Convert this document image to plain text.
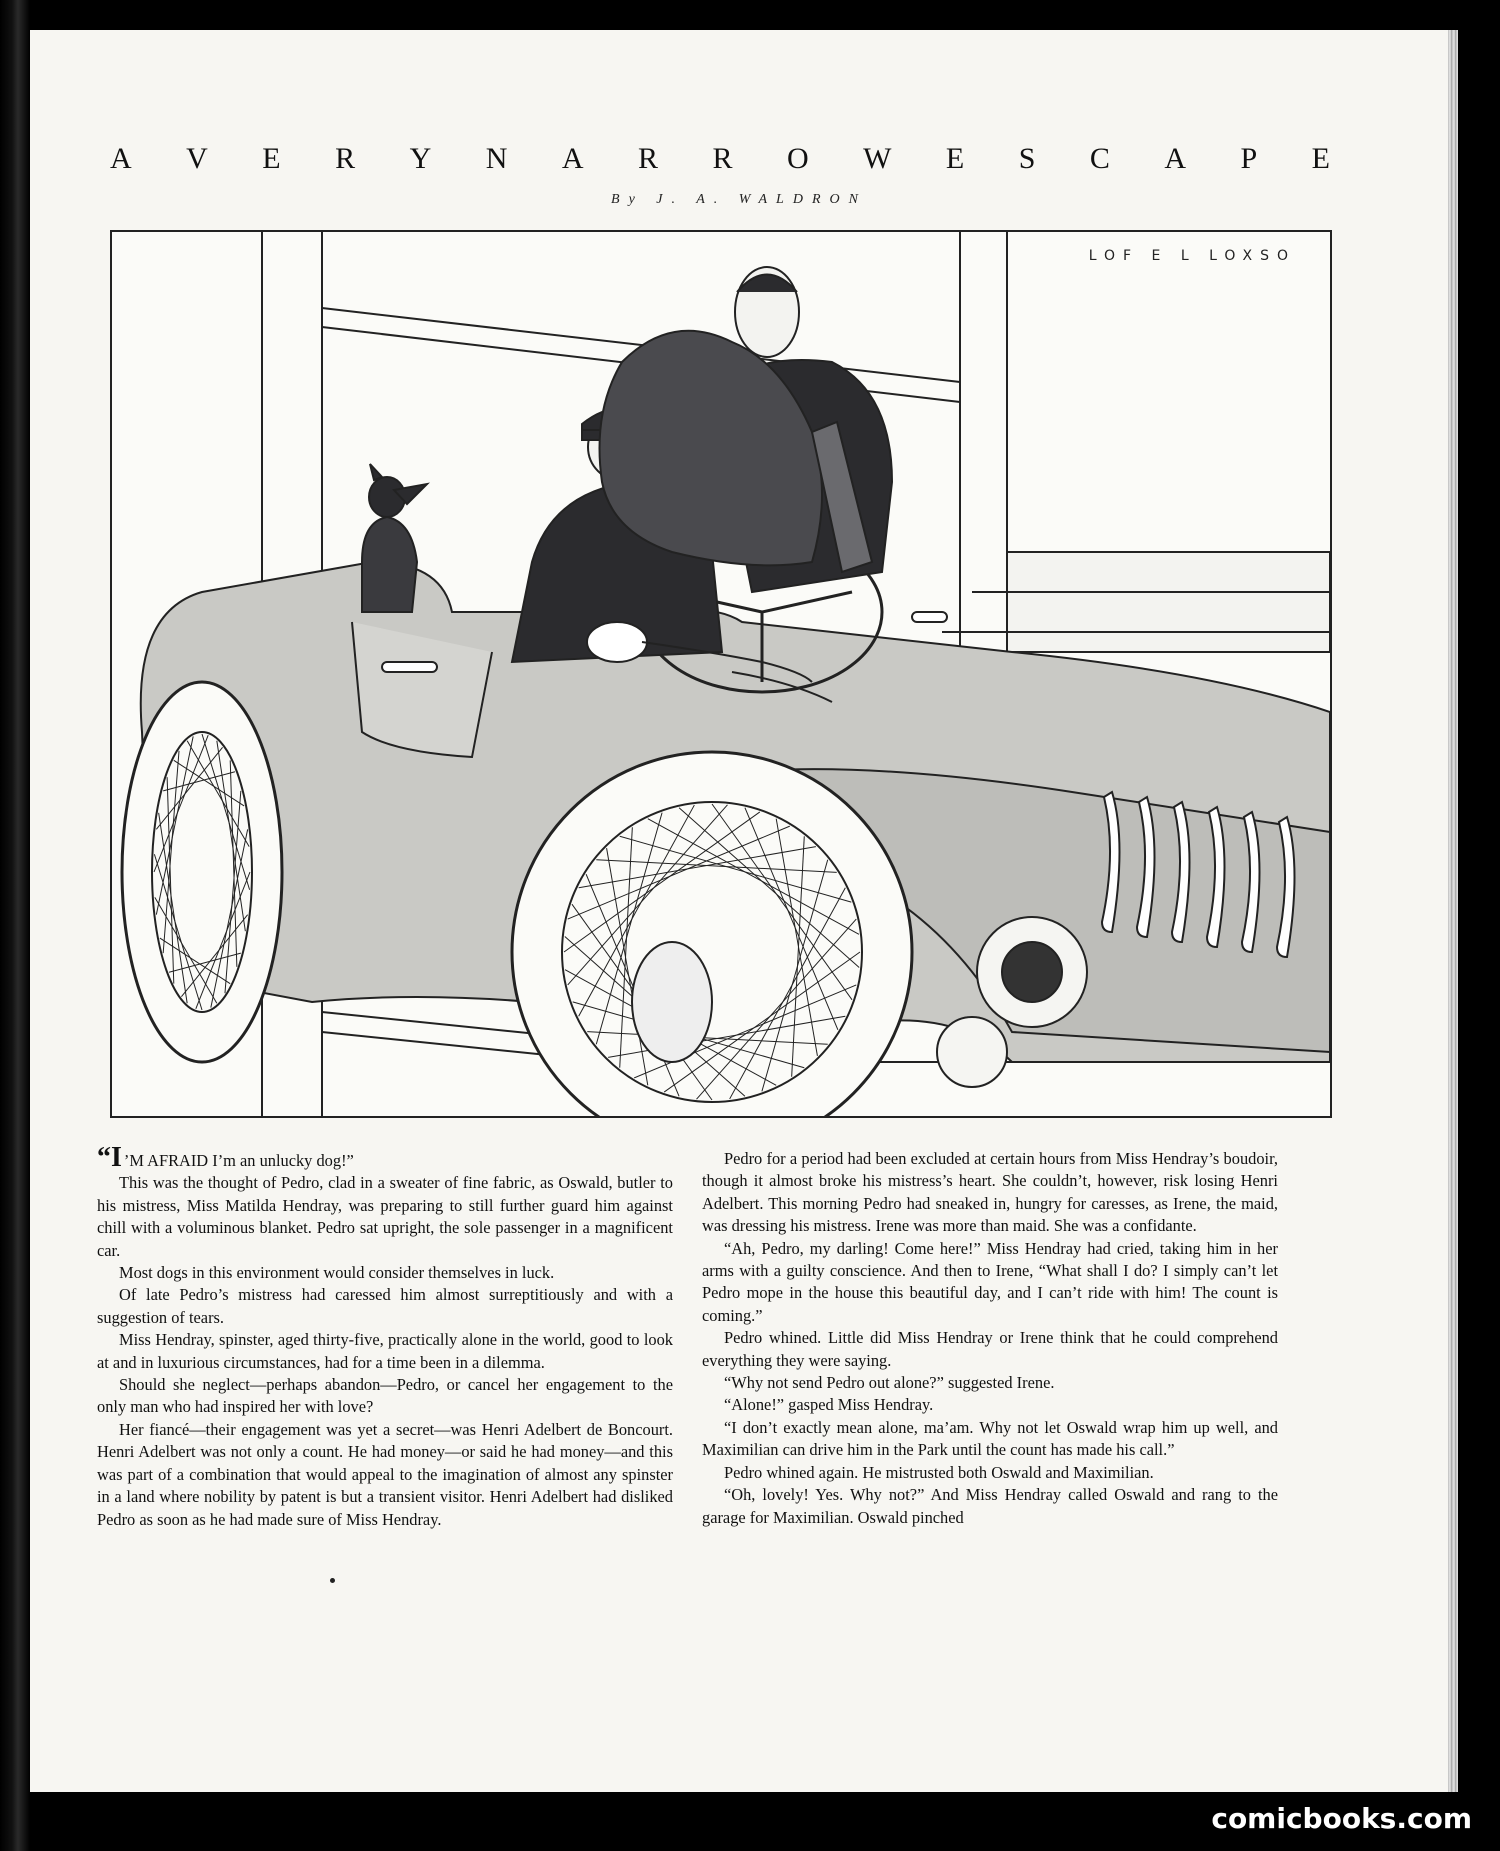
A V E R Y N A R R O W E S C A P E
By J. A. WALDRON
LOF E L LOXSO

“I ’M AFRAID I’m an unlucky dog!”

This was the thought of Pedro, clad in a sweater of fine fabric, as Oswald, butler to his mistress, Miss Matilda Hendray, was preparing to still further guard him against chill with a voluminous blanket. Pedro sat upright, the sole passenger in a magnificent car.

Most dogs in this environment would consider themselves in luck.

Of late Pedro’s mistress had caressed him almost surreptitiously and with a suggestion of tears.

Miss Hendray, spinster, aged thirty-five, practically alone in the world, good to look at and in luxurious circumstances, had for a time been in a dilemma.

Should she neglect—perhaps abandon—Pedro, or cancel her engagement to the only man who had inspired her with love?

Her fiancé—their engagement was yet a secret—was Henri Adelbert de Boncourt. Henri Adelbert was not only a count. He had money—or said he had money—and this was part of a combination that would appeal to the imagination of almost any spinster in a land where nobility by patent is but a transient visitor. Henri Adelbert had disliked Pedro as soon as he had made sure of Miss Hendray.

Pedro for a period had been excluded at certain hours from Miss Hendray’s boudoir, though it almost broke his mistress’s heart. She couldn’t, however, risk losing Henri Adelbert. This morning Pedro had sneaked in, hungry for caresses, as Irene, the maid, was dressing his mistress. Irene was more than maid. She was a confidante.

“Ah, Pedro, my darling! Come here!” Miss Hendray had cried, taking him in her arms with a guilty conscience. And then to Irene, “What shall I do? I simply can’t let Pedro mope in the house this beautiful day, and I can’t ride with him! The count is coming.”

Pedro whined. Little did Miss Hendray or Irene think that he could comprehend everything they were saying.

“Why not send Pedro out alone?” suggested Irene.

“Alone!” gasped Miss Hendray.

“I don’t exactly mean alone, ma’am. Why not let Oswald wrap him up well, and Maximilian can drive him in the Park until the count has made his call.”

Pedro whined again. He mistrusted both Oswald and Maximilian.

“Oh, lovely! Yes. Why not?” And Miss Hendray called Oswald and rang to the garage for Maximilian. Oswald pinched

comicbooks.com
